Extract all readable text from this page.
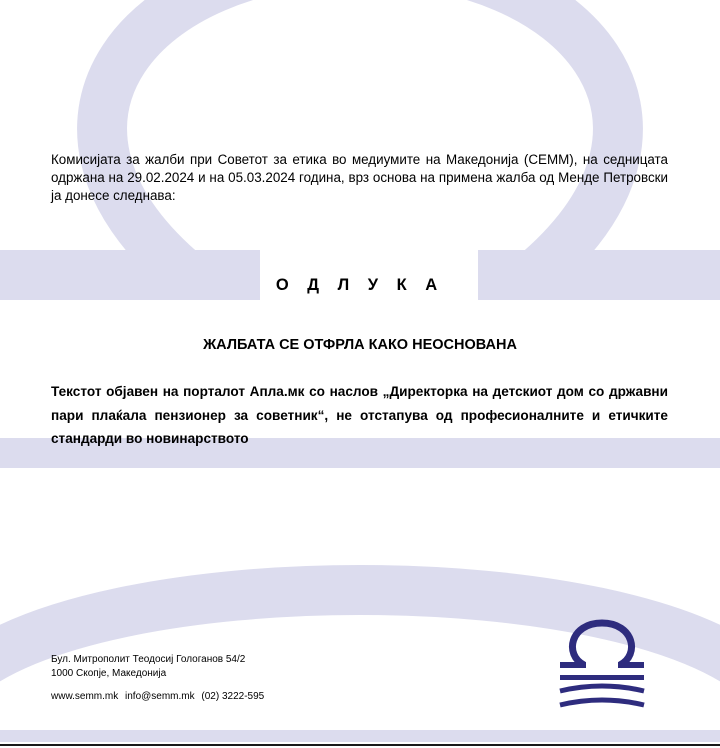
Комисијата за жалби при Советот за етика во медиумите на Македонија (СЕММ), на седницата одржана на 29.02.2024 и на 05.03.2024 година, врз основа на примена жалба од Менде Петровски ја донесе следнава:

О Д Л У К А
ЖАЛБАТА СЕ ОТФРЛА КАКО НЕОСНОВАНА

Текстот објавен на порталот Апла.мк со наслов „Директорка на детскиот дом со државни пари плаќала пензионер за советник“, не отстапува од професионалните и етичките стандарди во новинарството

Бул. Митрополит Теодосиј Гологанов 54/2
1000 Скопје, Македонија
www.semm.mk info@semm.mk (02) 3222-595
